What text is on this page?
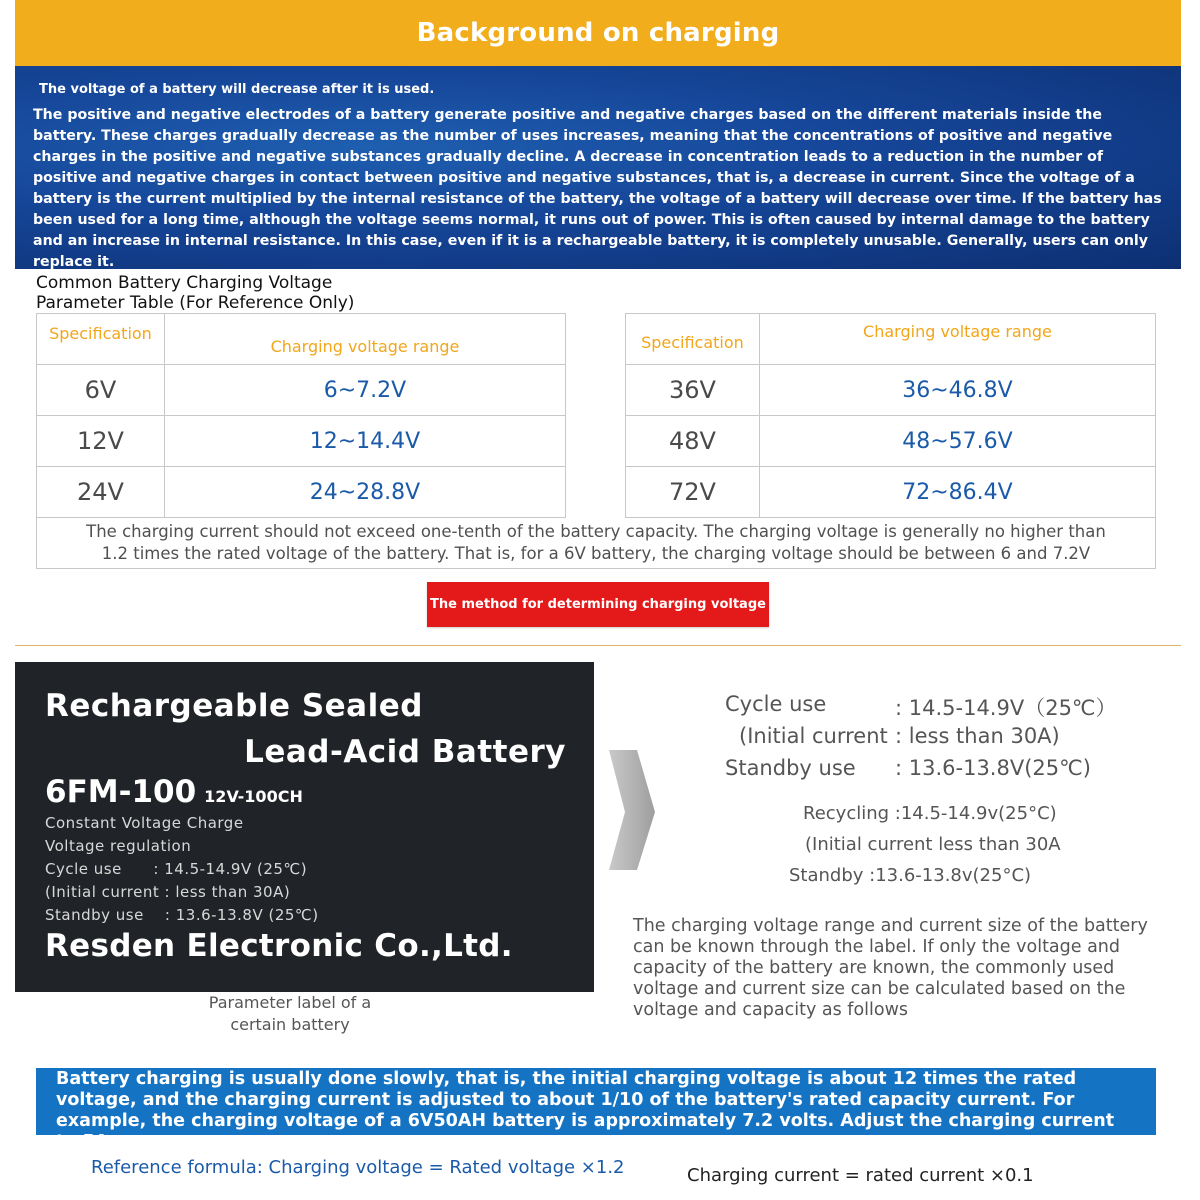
Background on charging

The voltage of a battery will decrease after it is used.

The positive and negative electrodes of a battery generate positive and negative charges based on the different materials inside the battery. These charges gradually decrease as the number of uses increases, meaning that the concentrations of positive and negative charges in the positive and negative substances gradually decline. A decrease in concentration leads to a reduction in the number of positive and negative charges in contact between positive and negative substances, that is, a decrease in current. Since the voltage of a battery is the current multiplied by the internal resistance of the battery, the voltage of a battery will decrease over time. If the battery has been used for a long time, although the voltage seems normal, it runs out of power. This is often caused by internal damage to the battery and an increase in internal resistance. In this case, even if it is a rechargeable battery, it is completely unusable. Generally, users can only replace it.

Common Battery Charging Voltage
Parameter Table (For Reference Only)
Specification	Charging voltage range
6V	6~7.2V
12V	12~14.4V
24V	24~28.8V
Specification	Charging voltage range
36V	36~46.8V
48V	48~57.6V
72V	72~86.4V
The charging current should not exceed one-tenth of the battery capacity. The charging voltage is generally no higher than
1.2 times the rated voltage of the battery. That is, for a 6V battery, the charging voltage should be between 6 and 7.2V
The method for determining charging voltage
Rechargeable Sealed
Lead-Acid Battery
6FM-100 12V-100CH
Constant Voltage Charge
Voltage regulation
Cycle use      : 14.5-14.9V (25℃)
(Initial current : less than 30A)
Standby use    : 13.6-13.8V (25℃)
Resden Electronic Co.,Ltd.
Parameter label of a
certain battery
Cycle use	: 14.5-14.9V（25℃）
(Initial current : less than 30A)
Standby use : 13.6-13.8V(25℃)
Recycling :14.5-14.9v(25°C)
(Initial current less than 30A
Standby :13.6-13.8v(25°C)
The charging voltage range and current size of the battery can be known through the label. If only the voltage and capacity of the battery are known, the commonly used voltage and current size can be calculated based on the voltage and capacity as follows
Battery charging is usually done slowly, that is, the initial charging voltage is about 12 times the rated voltage, and the charging current is adjusted to about 1/10 of the battery's rated capacity current. For example, the charging voltage of a 6V50AH battery is approximately 7.2 volts. Adjust the charging current to 5A
Reference formula: Charging voltage = Rated voltage ×1.2	Charging current = rated current ×0.1
